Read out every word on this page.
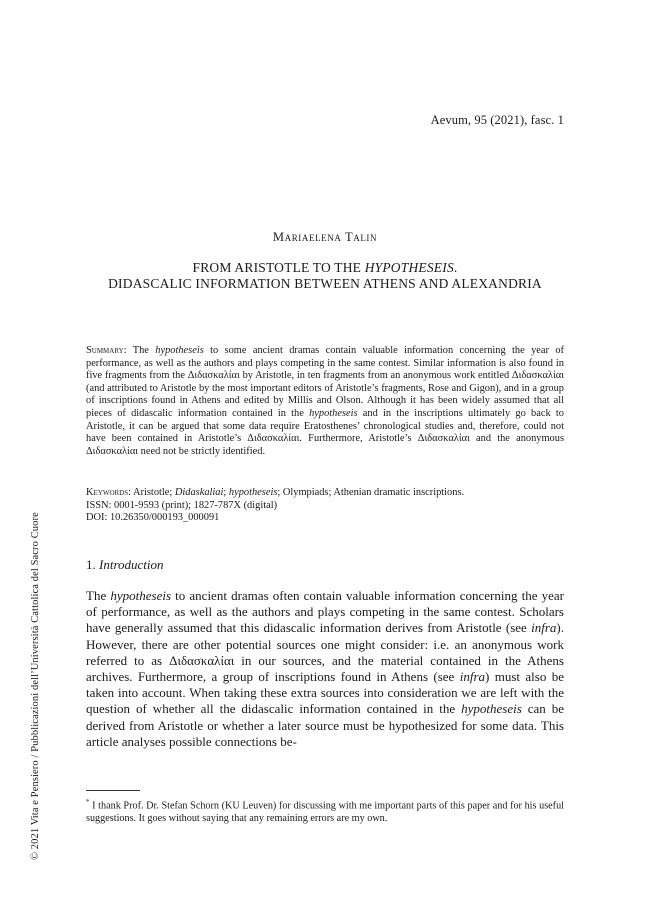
Aevum, 95 (2021), fasc. 1
Mariaelena Talin
FROM ARISTOTLE TO THE HYPOTHESEIS.
DIDASCALIC INFORMATION BETWEEN ATHENS AND ALEXANDRIA
Summary: The hypotheseis to some ancient dramas contain valuable information concerning the year of performance, as well as the authors and plays competing in the same contest. Similar information is also found in five fragments from the Διδασκαλίαι by Aristotle, in ten fragments from an anonymous work entitled Διδασκαλίαι (and attributed to Aristotle by the most important editors of Aristotle’s fragments, Rose and Gigon), and in a group of inscriptions found in Athens and edited by Millis and Olson. Although it has been widely assumed that all pieces of didascalic information contained in the hypotheseis and in the inscriptions ultimately go back to Aristotle, it can be argued that some data require Eratosthenes’ chronological studies and, therefore, could not have been contained in Aristotle’s Διδασκαλίαι. Furthermore, Aristotle’s Διδασκαλίαι and the anonymous Διδασκαλίαι need not be strictly identified.
Keywords: Aristotle; Didaskaliai; hypotheseis; Olympiads; Athenian dramatic inscriptions.
ISSN: 0001-9593 (print); 1827-787X (digital)
DOI: 10.26350/000193_000091
1. Introduction
The hypotheseis to ancient dramas often contain valuable information concerning the year of performance, as well as the authors and plays competing in the same contest. Scholars have generally assumed that this didascalic information derives from Aristotle (see infra). However, there are other potential sources one might consider: i.e. an anonymous work referred to as Διδασκαλίαι in our sources, and the material contained in the Athens archives. Furthermore, a group of inscriptions found in Athens (see infra) must also be taken into account. When taking these extra sources into consideration we are left with the question of whether all the didascalic information contained in the hypotheseis can be derived from Aristotle or whether a later source must be hypothesized for some data. This article analyses possible connections be-
* I thank Prof. Dr. Stefan Schorn (KU Leuven) for discussing with me important parts of this paper and for his useful suggestions. It goes without saying that any remaining errors are my own.
© 2021 Vita e Pensiero / Pubblicazioni dell’Università Cattolica del Sacro Cuore
